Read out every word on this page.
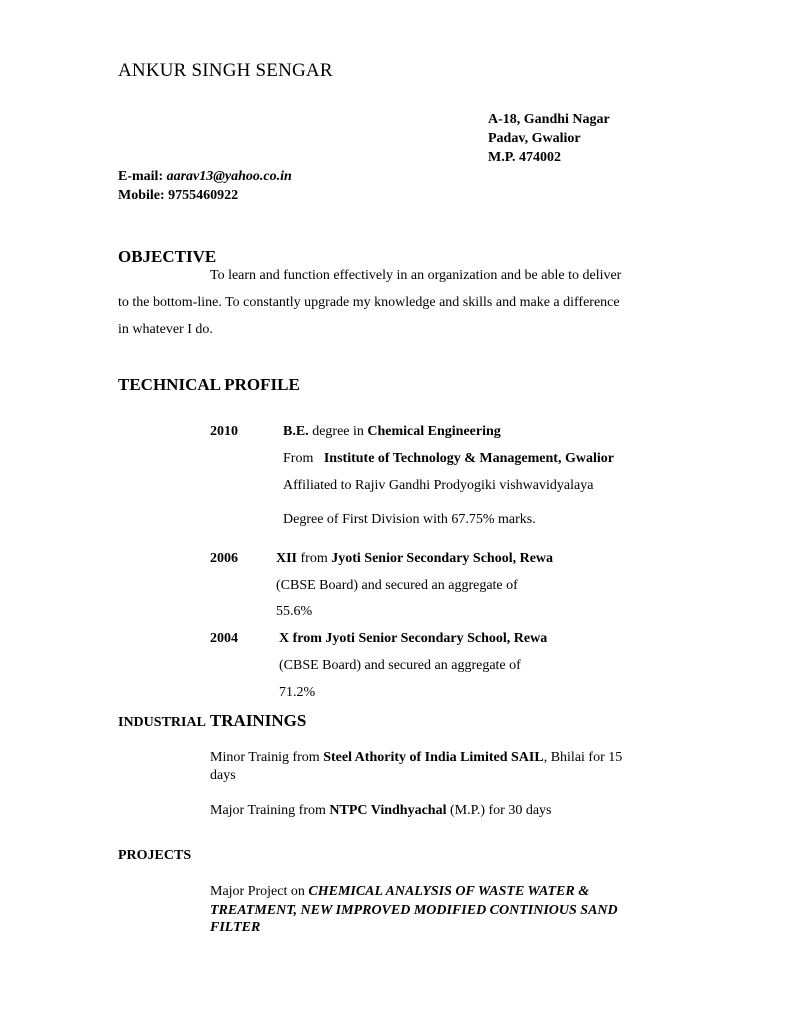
ANKUR SINGH SENGAR
A-18, Gandhi Nagar
Padav, Gwalior
M.P. 474002
E-mail: aarav13@yahoo.co.in
Mobile: 9755460922
OBJECTIVE
To learn and function effectively in an organization and be able to deliver
to the bottom-line. To constantly upgrade my knowledge and skills and make a difference
in whatever I do.
TECHNICAL PROFILE
2010	B.E. degree in Chemical Engineering
From Institute of Technology & Management, Gwalior
Affiliated to Rajiv Gandhi Prodyogiki vishwavidyalaya
Degree of First Division with 67.75% marks.
2006	XII from Jyoti Senior Secondary School, Rewa
(CBSE Board) and secured an aggregate of
55.6%
2004	X from Jyoti Senior Secondary School, Rewa
(CBSE Board) and secured an aggregate of
71.2%
INDUSTRIAL TRAININGS
Minor Trainig from Steel Athority of India Limited SAIL, Bhilai for 15
days
Major Training from NTPC Vindhyachal (M.P.) for 30 days
PROJECTS
Major Project on CHEMICAL ANALYSIS OF WASTE WATER &
TREATMENT, NEW IMPROVED MODIFIED CONTINIOUS SAND
FILTER
